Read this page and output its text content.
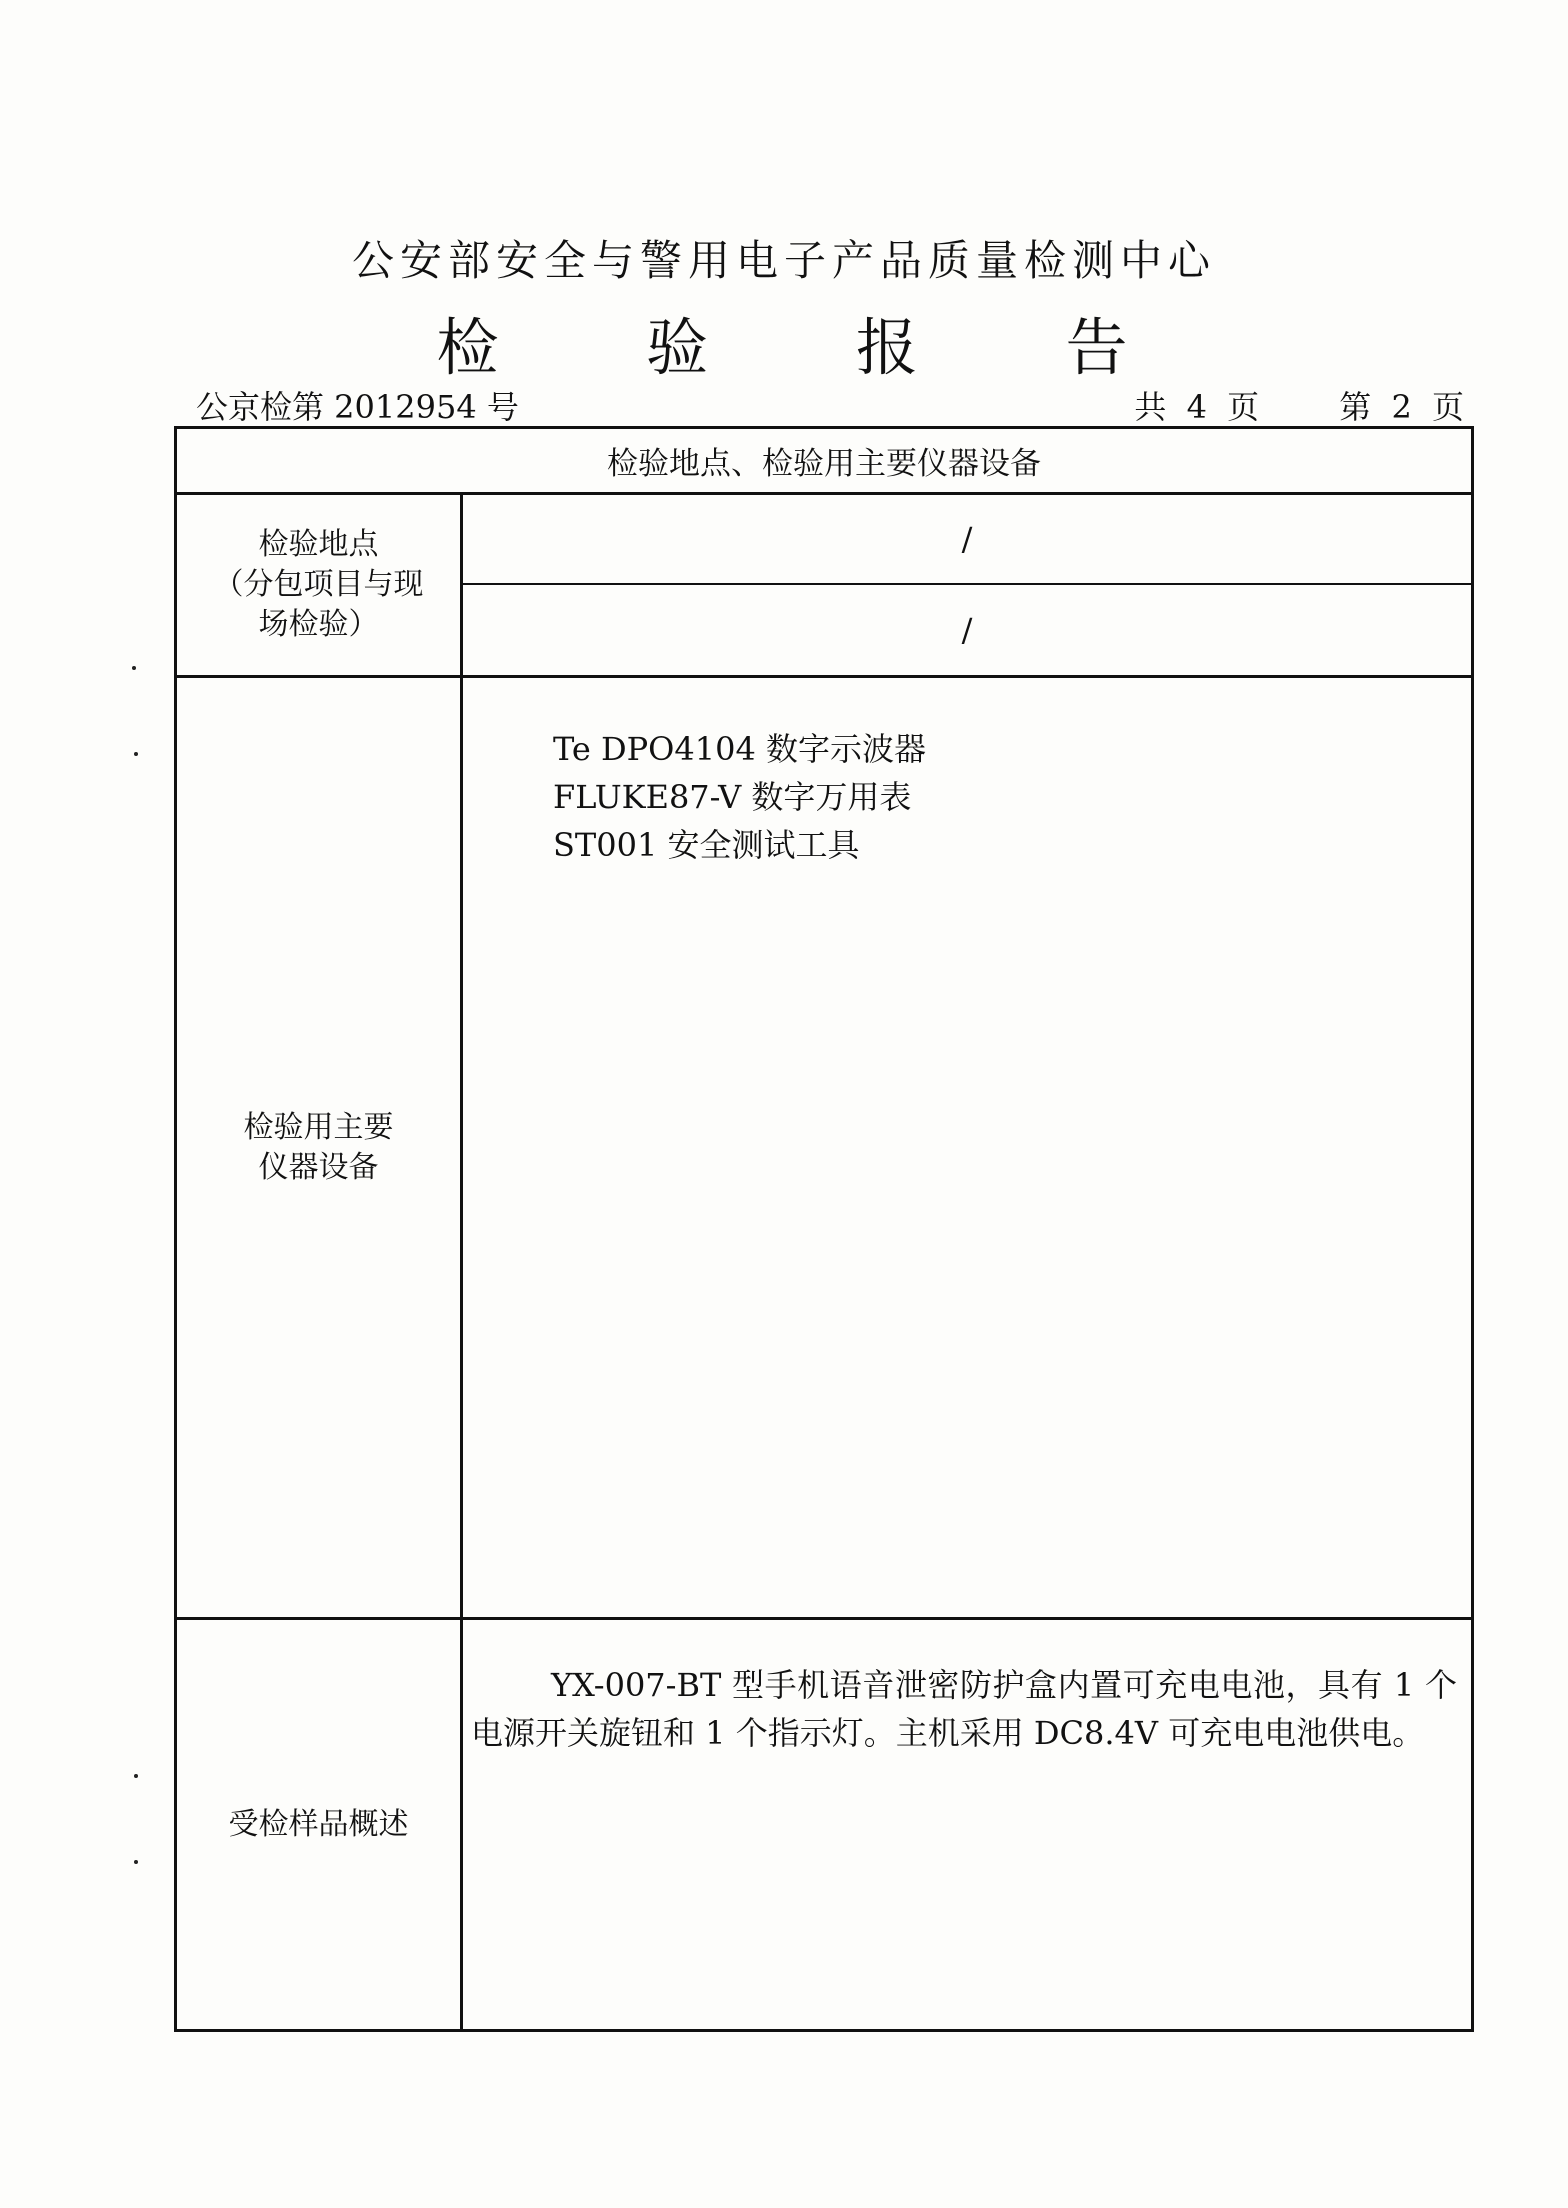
公安部安全与警用电子产品质量检测中心
检 验 报 告
公京检第 2012954 号	共 4 页	第 2 页
检验地点、检验用主要仪器设备
检验地点
（分包项目与现
场检验）
/
/
检验用主要
仪器设备
Te DPO4104 数字示波器
FLUKE87-V 数字万用表
ST001 安全测试工具
受检样品概述
YX-007-BT 型手机语音泄密防护盒内置可充电电池，具有 1 个电源开关旋钮和 1 个指示灯。主机采用 DC8.4V 可充电电池供电。
